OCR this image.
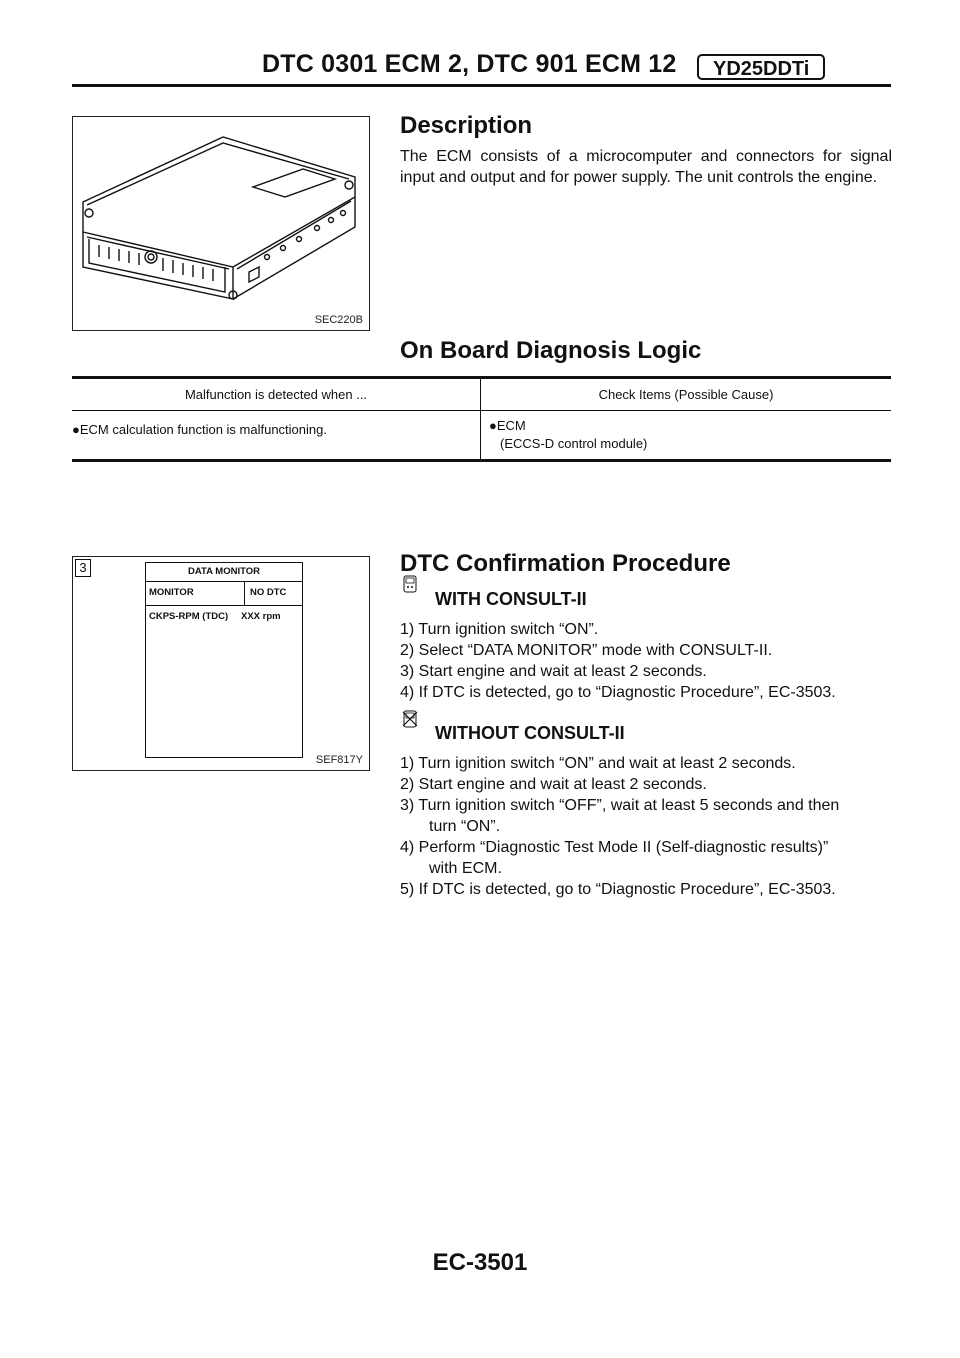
DTC 0301 ECM 2, DTC 901 ECM 12	YD25DDTi
SEC220B
Description
The ECM consists of a microcomputer and connectors for signal input and output and for power supply. The unit controls the engine.
On Board Diagnosis Logic
Malfunction is detected when ...	Check Items (Possible Cause)
●ECM calculation function is malfunctioning.	●ECM
(ECCS-D control module)
3	DATA MONITOR
MONITOR	NO DTC
CKPS-RPM (TDC) XXX rpm
SEF817Y
DTC Confirmation Procedure
WITH CONSULT-II
1) Turn ignition switch “ON”.
2) Select “DATA MONITOR” mode with CONSULT-II.
3) Start engine and wait at least 2 seconds.
4) If DTC is detected, go to “Diagnostic Procedure”, EC-3503.
WITHOUT CONSULT-II
1) Turn ignition switch “ON” and wait at least 2 seconds.
2) Start engine and wait at least 2 seconds.
3) Turn ignition switch “OFF”, wait at least 5 seconds and then
turn “ON”.
4) Perform “Diagnostic Test Mode II (Self-diagnostic results)”
with ECM.
5) If DTC is detected, go to “Diagnostic Procedure”, EC-3503.
EC-3501
